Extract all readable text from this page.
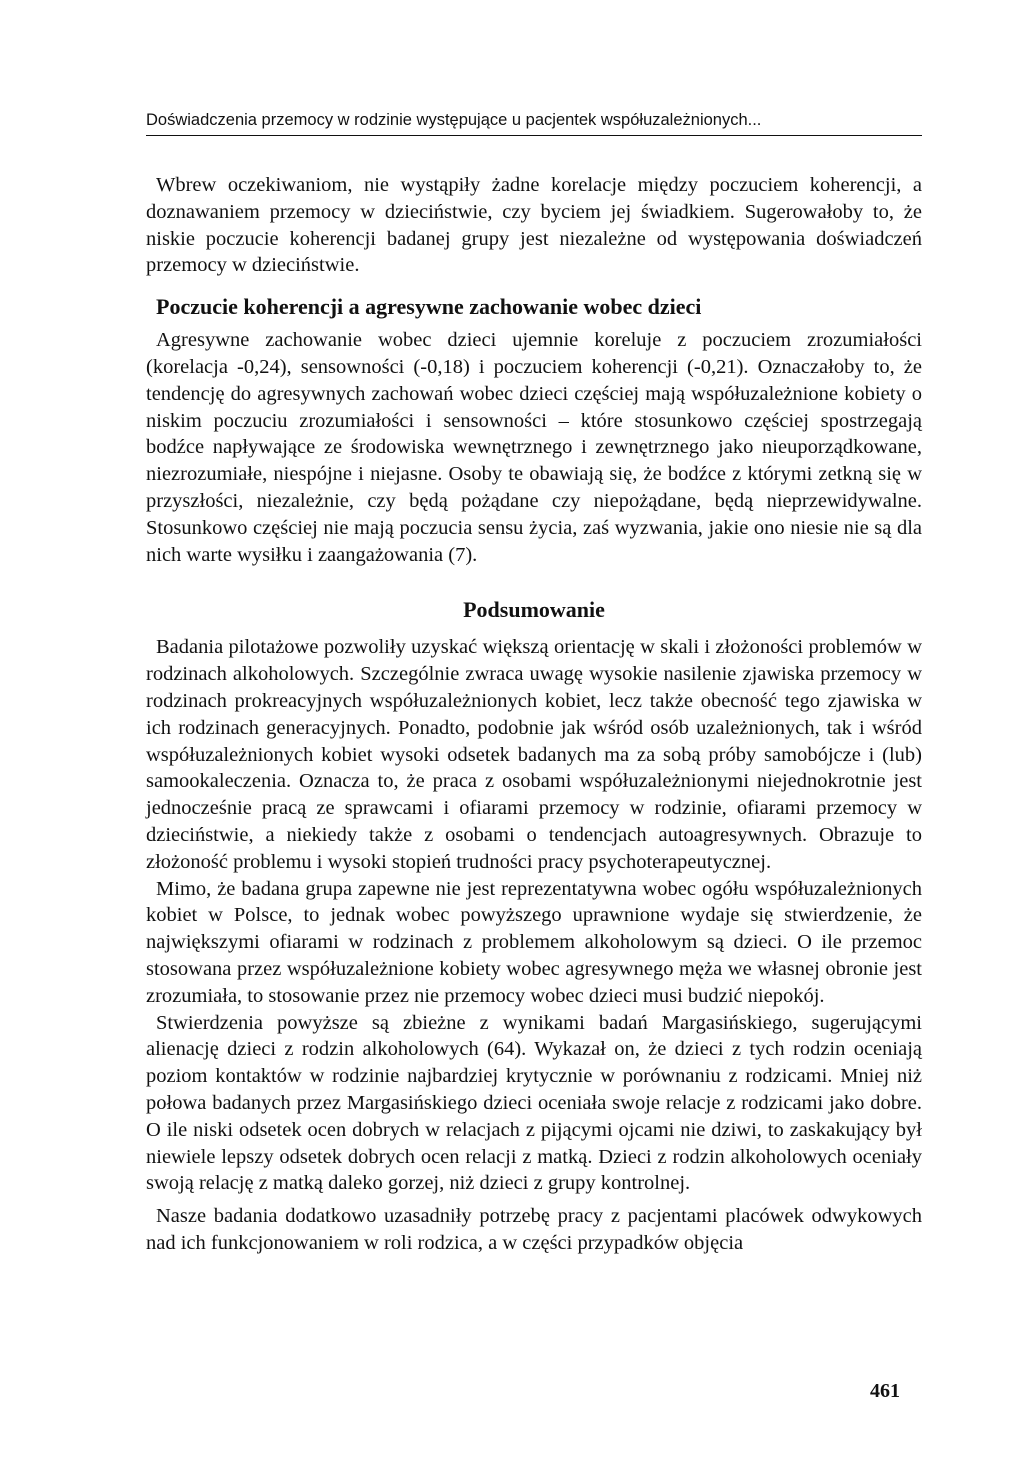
Doświadczenia przemocy w rodzinie występujące u pacjentek współuzależnionych...

Wbrew oczekiwaniom, nie wystąpiły żadne korelacje między poczuciem koherencji, a doznawaniem przemocy w dzieciństwie, czy byciem jej świadkiem. Sugerowałoby to, że niskie poczucie koherencji badanej grupy jest niezależne od występowania doświadczeń przemocy w dzieciństwie.

Poczucie koherencji a agresywne zachowanie wobec dzieci

Agresywne zachowanie wobec dzieci ujemnie koreluje z poczuciem zrozumiałości (korelacja -0,24), sensowności (-0,18) i poczuciem koherencji (-0,21). Oznaczałoby to, że tendencję do agresywnych zachowań wobec dzieci częściej mają współuzależnione kobiety o niskim poczuciu zrozumiałości i sensowności – które stosunkowo częściej spostrzegają bodźce napływające ze środowiska wewnętrznego i zewnętrznego jako nieuporządkowane, niezrozumiałe, niespójne i niejasne. Osoby te obawiają się, że bodźce z którymi zetkną się w przyszłości, niezależnie, czy będą pożądane czy niepożądane, będą nieprzewidywalne. Stosunkowo częściej nie mają poczucia sensu życia, zaś wyzwania, jakie ono niesie nie są dla nich warte wysiłku i zaangażowania (7).

Podsumowanie

Badania pilotażowe pozwoliły uzyskać większą orientację w skali i złożoności problemów w rodzinach alkoholowych. Szczególnie zwraca uwagę wysokie nasilenie zjawiska przemocy w rodzinach prokreacyjnych współuzależnionych kobiet, lecz także obecność tego zjawiska w ich rodzinach generacyjnych. Ponadto, podobnie jak wśród osób uzależnionych, tak i wśród współuzależnionych kobiet wysoki odsetek badanych ma za sobą próby samobójcze i (lub) samookaleczenia. Oznacza to, że praca z osobami współuzależnionymi niejednokrotnie jest jednocześnie pracą ze sprawcami i ofiarami przemocy w rodzinie, ofiarami przemocy w dzieciństwie, a niekiedy także z osobami o tendencjach autoagresywnych. Obrazuje to złożoność problemu i wysoki stopień trudności pracy psychoterapeutycznej.

Mimo, że badana grupa zapewne nie jest reprezentatywna wobec ogółu współuzależnionych kobiet w Polsce, to jednak wobec powyższego uprawnione wydaje się stwierdzenie, że największymi ofiarami w rodzinach z problemem alkoholowym są dzieci. O ile przemoc stosowana przez współuzależnione kobiety wobec agresywnego męża we własnej obronie jest zrozumiała, to stosowanie przez nie przemocy wobec dzieci musi budzić niepokój.

Stwierdzenia powyższe są zbieżne z wynikami badań Margasińskiego, sugerującymi alienację dzieci z rodzin alkoholowych (64). Wykazał on, że dzieci z tych rodzin oceniają poziom kontaktów w rodzinie najbardziej krytycznie w porównaniu z rodzicami. Mniej niż połowa badanych przez Margasińskiego dzieci oceniała swoje relacje z rodzicami jako dobre. O ile niski odsetek ocen dobrych w relacjach z pijącymi ojcami nie dziwi, to zaskakujący był niewiele lepszy odsetek dobrych ocen relacji z matką. Dzieci z rodzin alkoholowych oceniały swoją relację z matką daleko gorzej, niż dzieci z grupy kontrolnej.

Nasze badania dodatkowo uzasadniły potrzebę pracy z pacjentami placówek odwykowych nad ich funkcjonowaniem w roli rodzica, a w części przypadków objęcia

461
